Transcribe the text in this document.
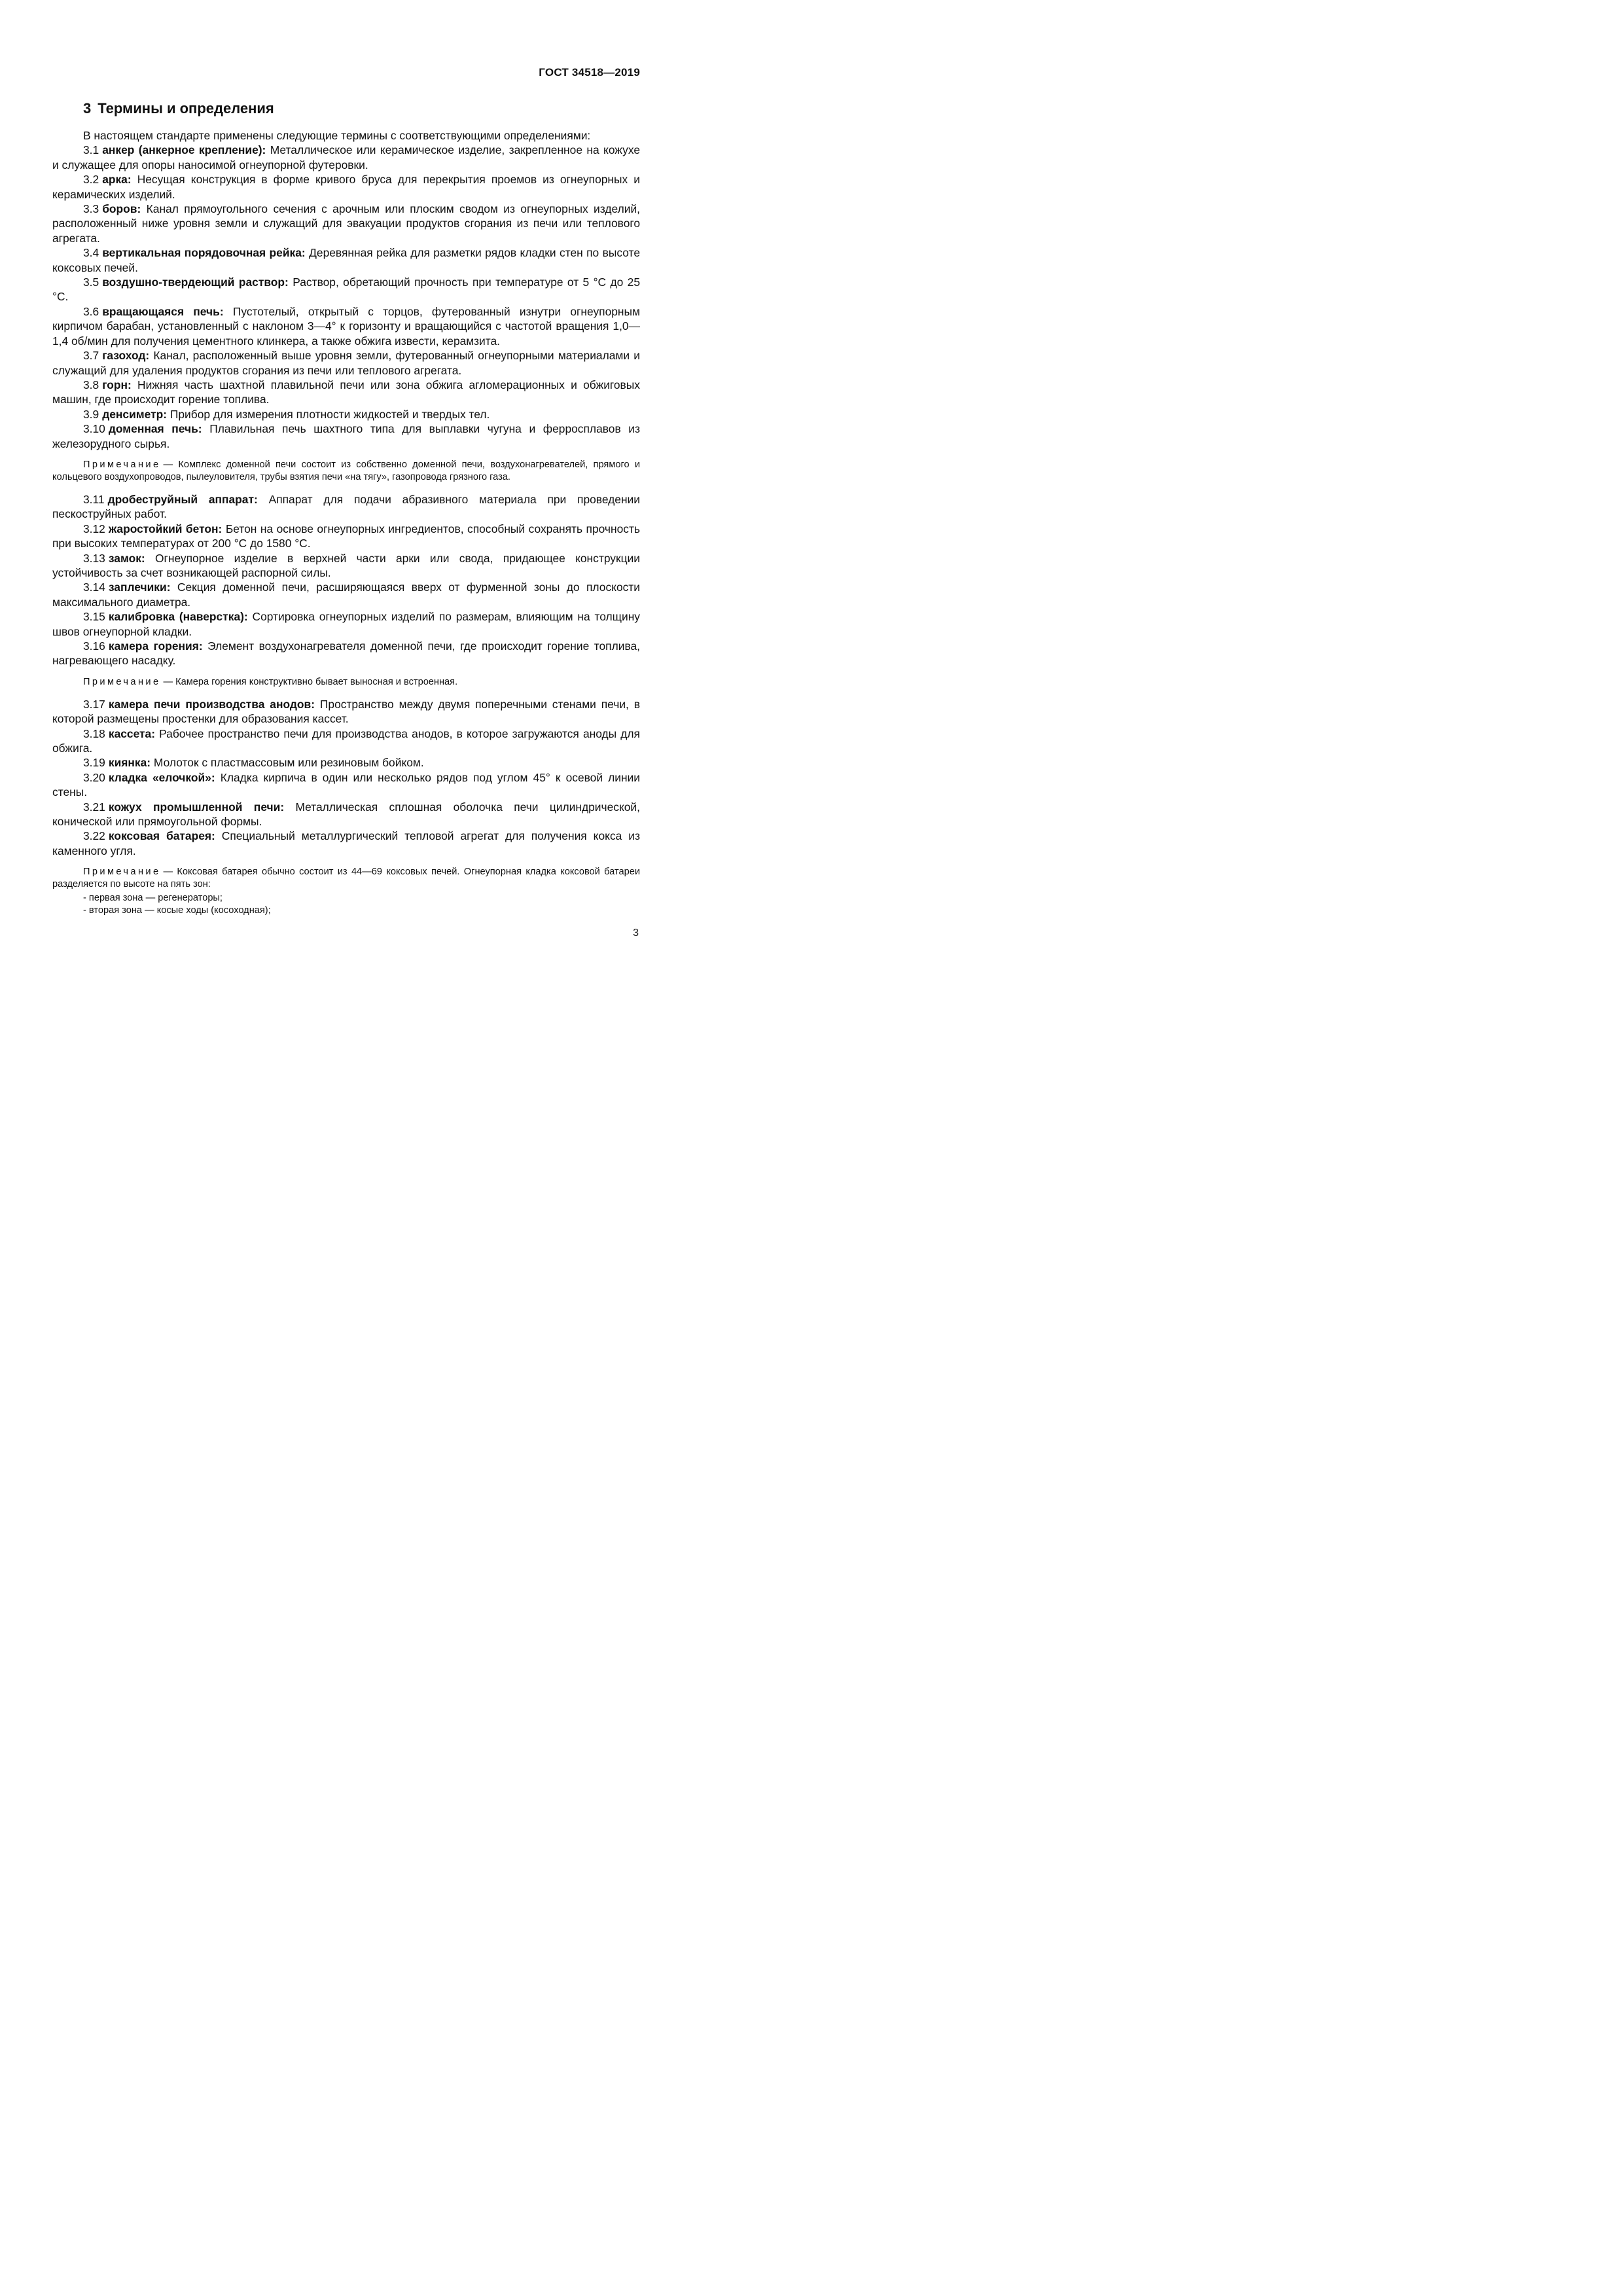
ГОСТ 34518—2019
3 Термины и определения

В настоящем стандарте применены следующие термины с соответствующими определениями:

3.1 анкер (анкерное крепление): Металлическое или керамическое изделие, закрепленное на кожухе и служащее для опоры наносимой огнеупорной футеровки.

3.2 арка: Несущая конструкция в форме кривого бруса для перекрытия проемов из огнеупорных и керамических изделий.

3.3 боров: Канал прямоугольного сечения с арочным или плоским сводом из огнеупорных изделий, расположенный ниже уровня земли и служащий для эвакуации продуктов сгорания из печи или теплового агрегата.

3.4 вертикальная порядовочная рейка: Деревянная рейка для разметки рядов кладки стен по высоте коксовых печей.

3.5 воздушно-твердеющий раствор: Раствор, обретающий прочность при температуре от 5 °С до 25 °С.

3.6 вращающаяся печь: Пустотелый, открытый с торцов, футерованный изнутри огнеупорным кирпичом барабан, установленный с наклоном 3—4° к горизонту и вращающийся с частотой вращения 1,0—1,4 об/мин для получения цементного клинкера, а также обжига извести, керамзита.

3.7 газоход: Канал, расположенный выше уровня земли, футерованный огнеупорными материалами и служащий для удаления продуктов сгорания из печи или теплового агрегата.

3.8 горн: Нижняя часть шахтной плавильной печи или зона обжига агломерационных и обжиговых машин, где происходит горение топлива.

3.9 денсиметр: Прибор для измерения плотности жидкостей и твердых тел.

3.10 доменная печь: Плавильная печь шахтного типа для выплавки чугуна и ферросплавов из железорудного сырья.

Примечание — Комплекс доменной печи состоит из собственно доменной печи, воздухонагревателей, прямого и кольцевого воздухопроводов, пылеуловителя, трубы взятия печи «на тягу», газопровода грязного газа.

3.11 дробеструйный аппарат: Аппарат для подачи абразивного материала при проведении пескоструйных работ.

3.12 жаростойкий бетон: Бетон на основе огнеупорных ингредиентов, способный сохранять прочность при высоких температурах от 200 °С до 1580 °С.

3.13 замок: Огнеупорное изделие в верхней части арки или свода, придающее конструкции устойчивость за счет возникающей распорной силы.

3.14 заплечики: Секция доменной печи, расширяющаяся вверх от фурменной зоны до плоскости максимального диаметра.

3.15 калибровка (наверстка): Сортировка огнеупорных изделий по размерам, влияющим на толщину швов огнеупорной кладки.

3.16 камера горения: Элемент воздухонагревателя доменной печи, где происходит горение топлива, нагревающего насадку.

Примечание — Камера горения конструктивно бывает выносная и встроенная.

3.17 камера печи производства анодов: Пространство между двумя поперечными стенами печи, в которой размещены простенки для образования кассет.

3.18 кассета: Рабочее пространство печи для производства анодов, в которое загружаются аноды для обжига.

3.19 киянка: Молоток с пластмассовым или резиновым бойком.

3.20 кладка «елочкой»: Кладка кирпича в один или несколько рядов под углом 45° к осевой линии стены.

3.21 кожух промышленной печи: Металлическая сплошная оболочка печи цилиндрической, конической или прямоугольной формы.

3.22 коксовая батарея: Специальный металлургический тепловой агрегат для получения кокса из каменного угля.

Примечание — Коксовая батарея обычно состоит из 44—69 коксовых печей. Огнеупорная кладка коксовой батареи разделяется по высоте на пять зон:

- первая зона — регенераторы;
- вторая зона — косые ходы (косоходная);
3
